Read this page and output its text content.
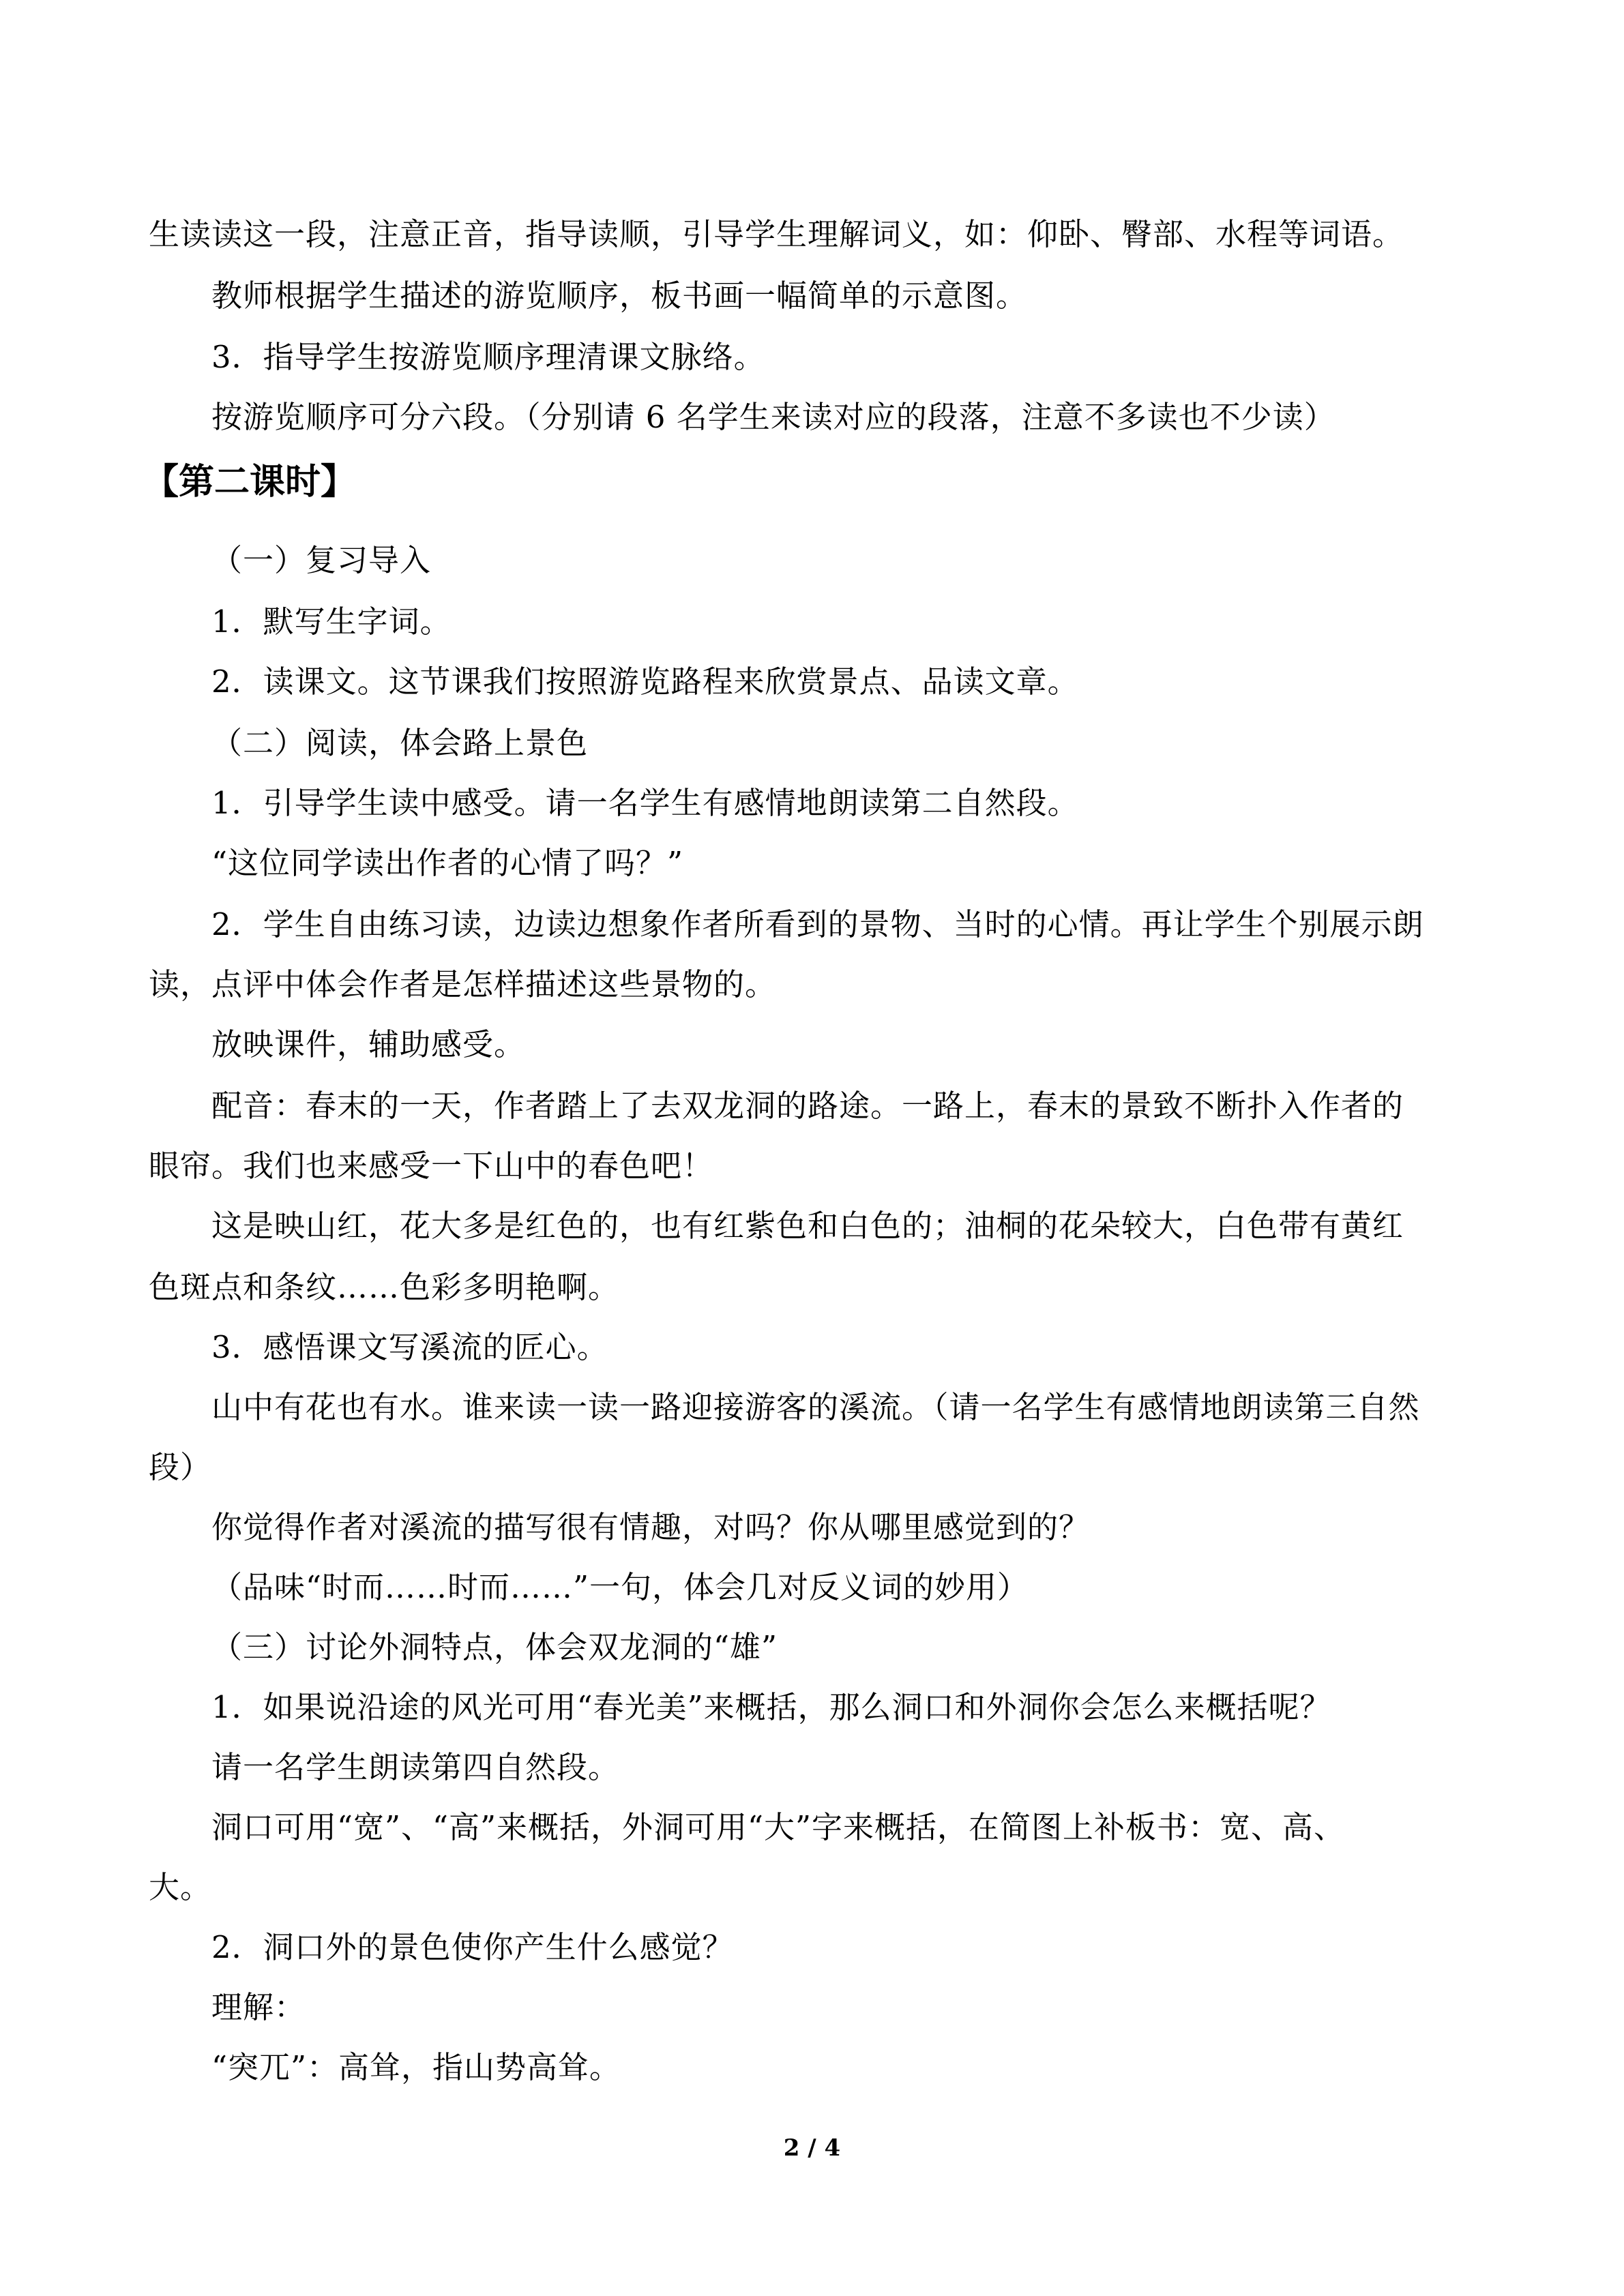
生读读这一段，注意正音，指导读顺，引导学生理解词义，如：仰卧、臀部、水程等词语。
教师根据学生描述的游览顺序，板书画一幅简单的示意图。
3．指导学生按游览顺序理清课文脉络。
按游览顺序可分六段。（分别请 6 名学生来读对应的段落，注意不多读也不少读）
【第二课时】
（一）复习导入
1．默写生字词。
2．读课文。这节课我们按照游览路程来欣赏景点、品读文章。
（二）阅读，体会路上景色
1．引导学生读中感受。请一名学生有感情地朗读第二自然段。
“这位同学读出作者的心情了吗？”
2．学生自由练习读，边读边想象作者所看到的景物、当时的心情。再让学生个别展示朗
读，点评中体会作者是怎样描述这些景物的。
放映课件，辅助感受。
配音：春末的一天，作者踏上了去双龙洞的路途。一路上，春末的景致不断扑入作者的
眼帘。我们也来感受一下山中的春色吧！
这是映山红，花大多是红色的，也有红紫色和白色的；油桐的花朵较大，白色带有黄红
色斑点和条纹……色彩多明艳啊。
3．感悟课文写溪流的匠心。
山中有花也有水。谁来读一读一路迎接游客的溪流。（请一名学生有感情地朗读第三自然
段）
你觉得作者对溪流的描写很有情趣，对吗？你从哪里感觉到的？
（品味“时而……时而……”一句，体会几对反义词的妙用）
（三）讨论外洞特点，体会双龙洞的“雄”
1．如果说沿途的风光可用“春光美”来概括，那么洞口和外洞你会怎么来概括呢？
请一名学生朗读第四自然段。
洞口可用“宽”、“高”来概括，外洞可用“大”字来概括，在简图上补板书：宽、高、
大。
2．洞口外的景色使你产生什么感觉？
理解：
“突兀”：高耸，指山势高耸。
2 / 4
